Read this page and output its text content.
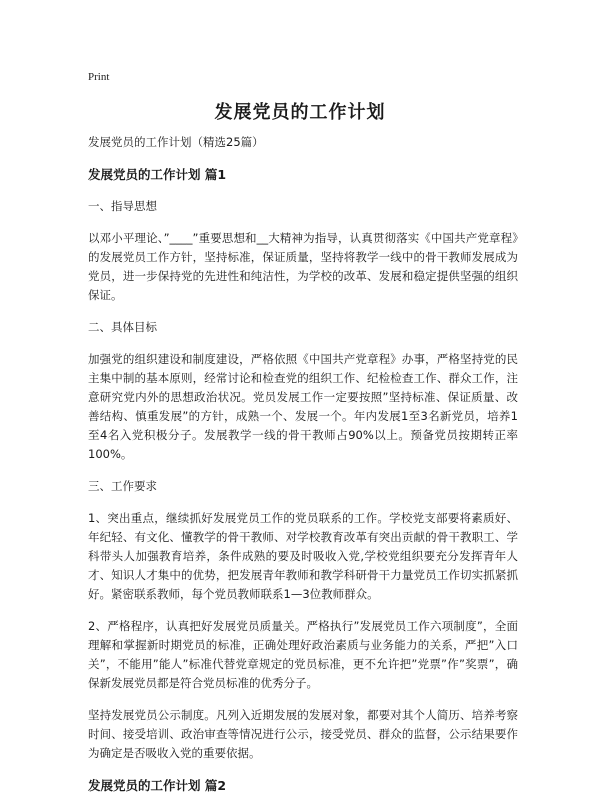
Print
发展党员的工作计划

发展党员的工作计划（精选25篇）

发展党员的工作计划 篇1

一、指导思想

以邓小平理论、”____”重要思想和__大精神为指导，认真贯彻落实《中国共产党章程》的发展党员工作方针，坚持标准，保证质量，坚持将教学一线中的骨干教师发展成为党员，进一步保持党的先进性和纯洁性，为学校的改革、发展和稳定提供坚强的组织保证。

二、具体目标

加强党的组织建设和制度建设，严格依照《中国共产党章程》办事，严格坚持党的民主集中制的基本原则，经常讨论和检查党的组织工作、纪检检查工作、群众工作，注意研究党内外的思想政治状况。党员发展工作一定要按照”坚持标准、保证质量、改善结构、慎重发展”的方针，成熟一个、发展一个。年内发展1至3名新党员，培养1至4名入党积极分子。发展教学一线的骨干教师占90%以上。预备党员按期转正率100%。

三、工作要求

1、突出重点，继续抓好发展党员工作的党员联系的工作。学校党支部要将素质好、年纪轻、有文化、懂教学的骨干教师、对学校教育改革有突出贡献的骨干教职工、学科带头人加强教育培养，条件成熟的要及时吸收入党,学校党组织要充分发挥青年人才、知识人才集中的优势，把发展青年教师和教学科研骨干力量党员工作切实抓紧抓好。紧密联系教师，每个党员教师联系1—3位教师群众。

2、严格程序，认真把好发展党员质量关。严格执行”发展党员工作六项制度”，全面理解和掌握新时期党员的标准，正确处理好政治素质与业务能力的关系，严把”入口关”，不能用”能人”标准代替党章规定的党员标准，更不允许把”党票”作”奖票”，确保新发展党员都是符合党员标准的优秀分子。

坚持发展党员公示制度。凡列入近期发展的发展对象，都要对其个人简历、培养考察时间、接受培训、政治审查等情况进行公示，接受党员、群众的监督，公示结果要作为确定是否吸收入党的重要依据。

发展党员的工作计划 篇2
